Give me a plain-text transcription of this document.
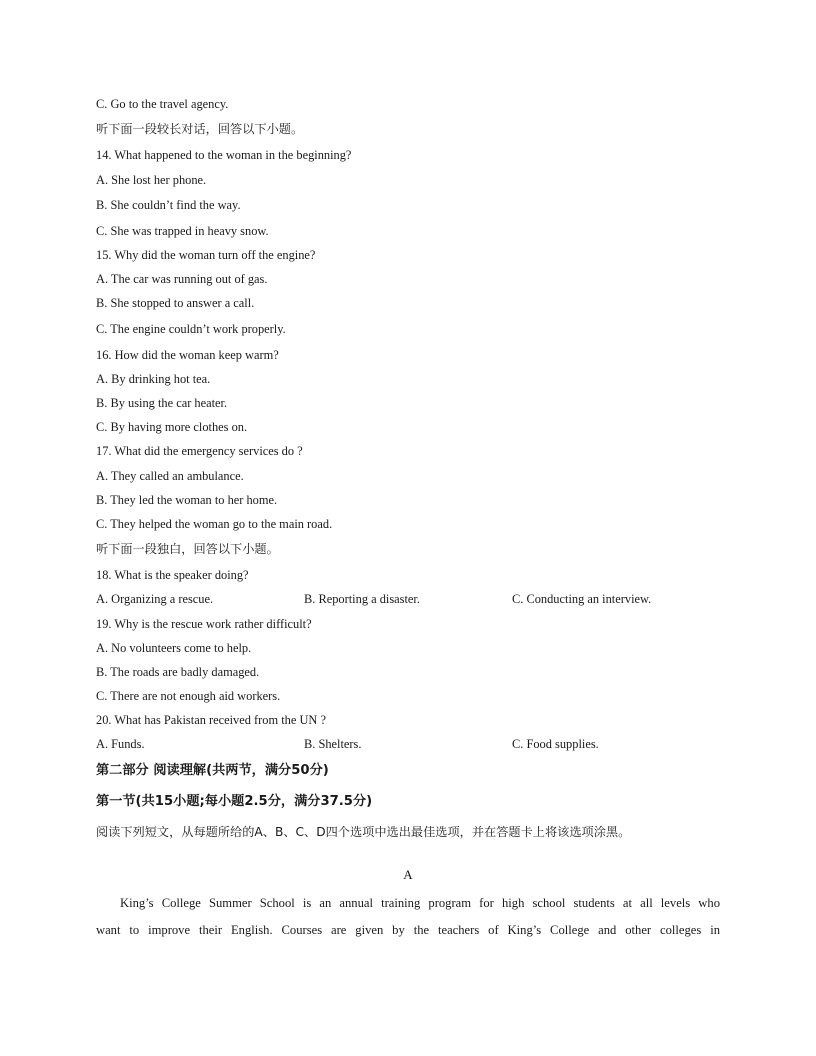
C. Go to the travel agency.
听下面一段较长对话，回答以下小题。
14. What happened to the woman in the beginning?
A. She lost her phone.
B. She couldn’t find the way.
C. She was trapped in heavy snow.
15. Why did the woman turn off the engine?
A. The car was running out of gas.
B. She stopped to answer a call.
C. The engine couldn’t work properly.
16. How did the woman keep warm?
A. By drinking hot tea.
B. By using the car heater.
C. By having more clothes on.
17. What did the emergency services do ?
A. They called an ambulance.
B. They led the woman to her home.
C. They helped the woman go to the main road.
听下面一段独白，回答以下小题。
18. What is the speaker doing?
A. Organizing a rescue.	B. Reporting a disaster.	C. Conducting an interview.
19. Why is the rescue work rather difficult?
A. No volunteers come to help.
B. The roads are badly damaged.
C. There are not enough aid workers.
20. What has Pakistan received from the UN ?
A. Funds.	B. Shelters.	C. Food supplies.
第二部分 阅读理解(共两节，满分50分)
第一节(共15小题;每小题2.5分，满分37.5分)
阅读下列短文，从每题所给的A、B、C、D四个选项中选出最佳选项，并在答题卡上将该选项涂黑。
A
King’s College Summer School is an annual training program for high school students at all levels who
want to improve their English. Courses are given by the teachers of King’s College and other colleges in
